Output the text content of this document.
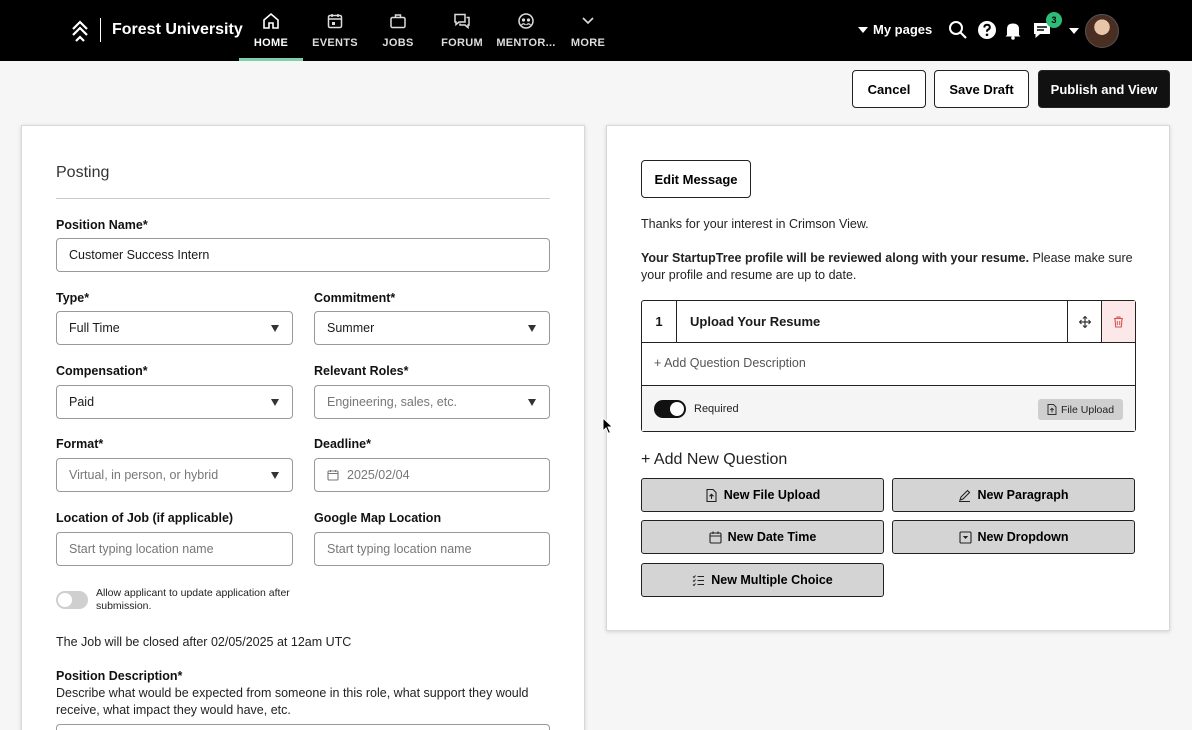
Forest University
HOME	EVENTS	JOBS	FORUM	MENTOR...	MORE
My pages
3
Cancel	Save Draft	Publish and View
Posting
Position Name*
Customer Success Intern
Type*
Full Time
Commitment*
Summer
Compensation*
Paid
Relevant Roles*
Engineering, sales, etc.
Format*
Virtual, in person, or hybrid
Deadline*
2025/02/04
Location of Job (if applicable)
Start typing location name
Google Map Location
Start typing location name
Allow applicant to update application after submission.
The Job will be closed after 02/05/2025 at 12am UTC
Position Description*
Describe what would be expected from someone in this role, what support they would receive, what impact they would have, etc.
Edit Message
Thanks for your interest in Crimson View.
Your StartupTree profile will be reviewed along with your resume. Please make sure your profile and resume are up to date.
1	Upload Your Resume
+ Add Question Description
Required	File Upload
+ Add New Question
New File Upload	New Paragraph
New Date Time	New Dropdown
New Multiple Choice
